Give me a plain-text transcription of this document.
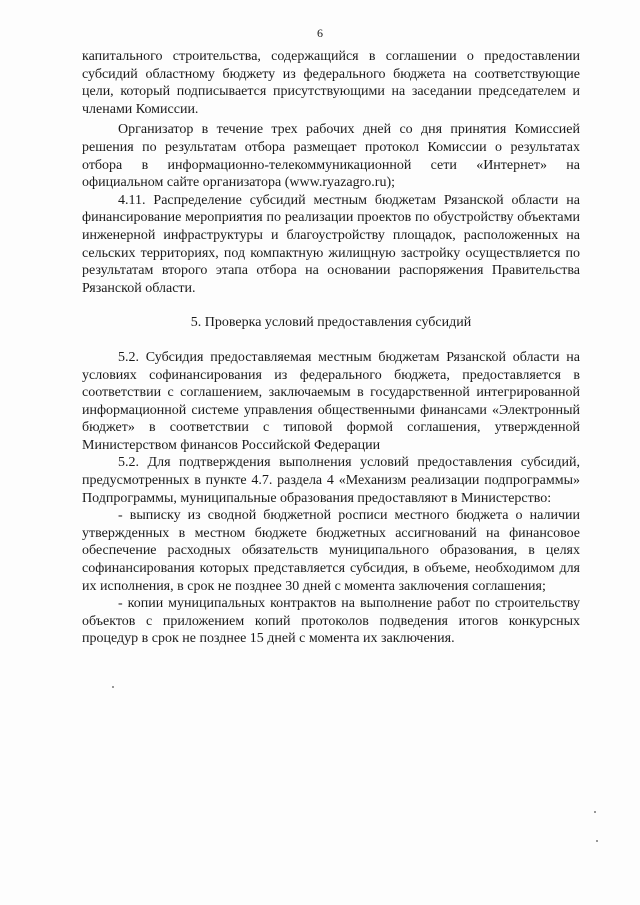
6

капитального строительства, содержащийся в соглашении о предоставлении субсидий областному бюджету из федерального бюджета на соответствующие цели, который подписывается присутствующими на заседании председателем и членами Комиссии.

Организатор в течение трех рабочих дней со дня принятия Комиссией решения по результатам отбора размещает протокол Комиссии о результатах отбора в информационно-телекоммуникационной сети «Интернет» на официальном сайте организатора (www.ryazagro.ru);

4.11. Распределение субсидий местным бюджетам Рязанской области на финансирование мероприятия по реализации проектов по обустройству объектами инженерной инфраструктуры и благоустройству площадок, расположенных на сельских территориях, под компактную жилищную застройку осуществляется по результатам второго этапа отбора на основании распоряжения Правительства Рязанской области.

5. Проверка условий предоставления субсидий

5.2. Субсидия предоставляемая местным бюджетам Рязанской области на условиях софинансирования из федерального бюджета, предоставляется в соответствии с соглашением, заключаемым в государственной интегрированной информационной системе управления общественными финансами «Электронный бюджет» в соответствии с типовой формой соглашения, утвержденной Министерством финансов Российской Федерации

5.2. Для подтверждения выполнения условий предоставления субсидий, предусмотренных в пункте 4.7. раздела 4 «Механизм реализации подпрограммы» Подпрограммы, муниципальные образования предоставляют в Министерство:

- выписку из сводной бюджетной росписи местного бюджета о наличии утвержденных в местном бюджете бюджетных ассигнований на финансовое обеспечение расходных обязательств муниципального образования, в целях софинансирования которых представляется субсидия, в объеме, необходимом для их исполнения, в срок не позднее 30 дней с момента заключения соглашения;

- копии муниципальных контрактов на выполнение работ по строительству объектов с приложением копий протоколов подведения итогов конкурсных процедур в срок не позднее 15 дней с момента их заключения.
